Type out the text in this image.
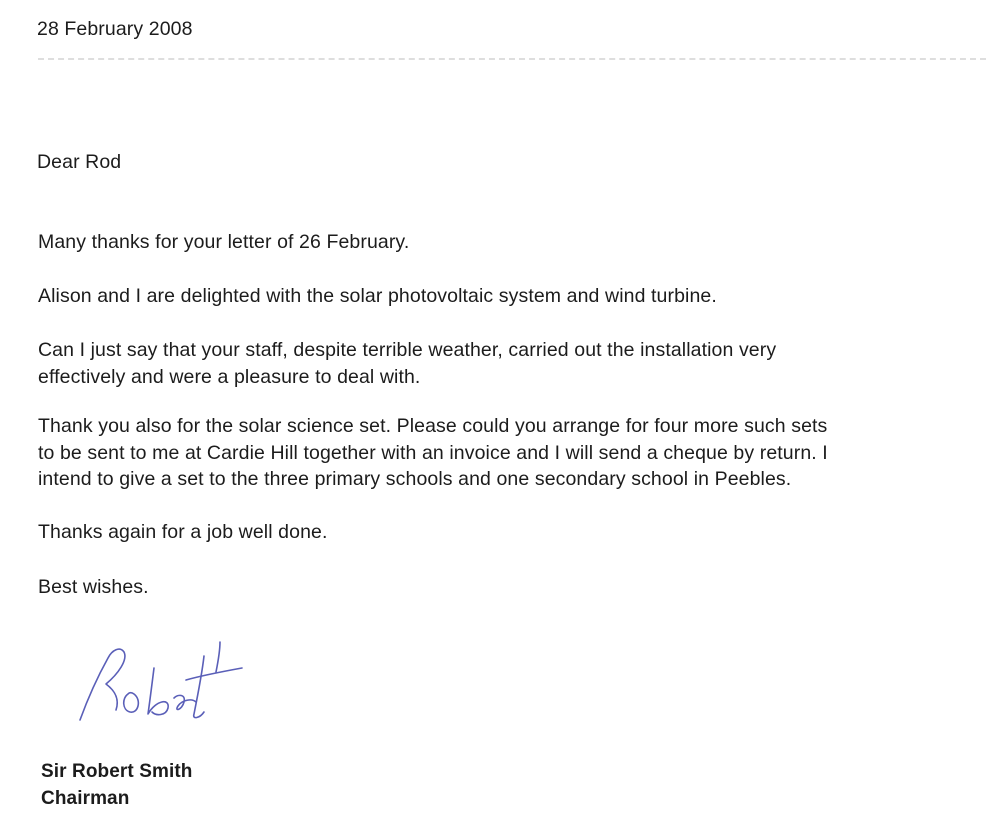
28 February 2008
Dear Rod
Many thanks for your letter of 26 February.
Alison and I are delighted with the solar photovoltaic system and wind turbine.
Can I just say that your staff, despite terrible weather, carried out the installation very
effectively and were a pleasure to deal with.
Thank you also for the solar science set. Please could you arrange for four more such sets
to be sent to me at Cardie Hill together with an invoice and I will send a cheque by return. I
intend to give a set to the three primary schools and one secondary school in Peebles.
Thanks again for a job well done.
Best wishes.
Robert
Sir Robert Smith
Chairman
